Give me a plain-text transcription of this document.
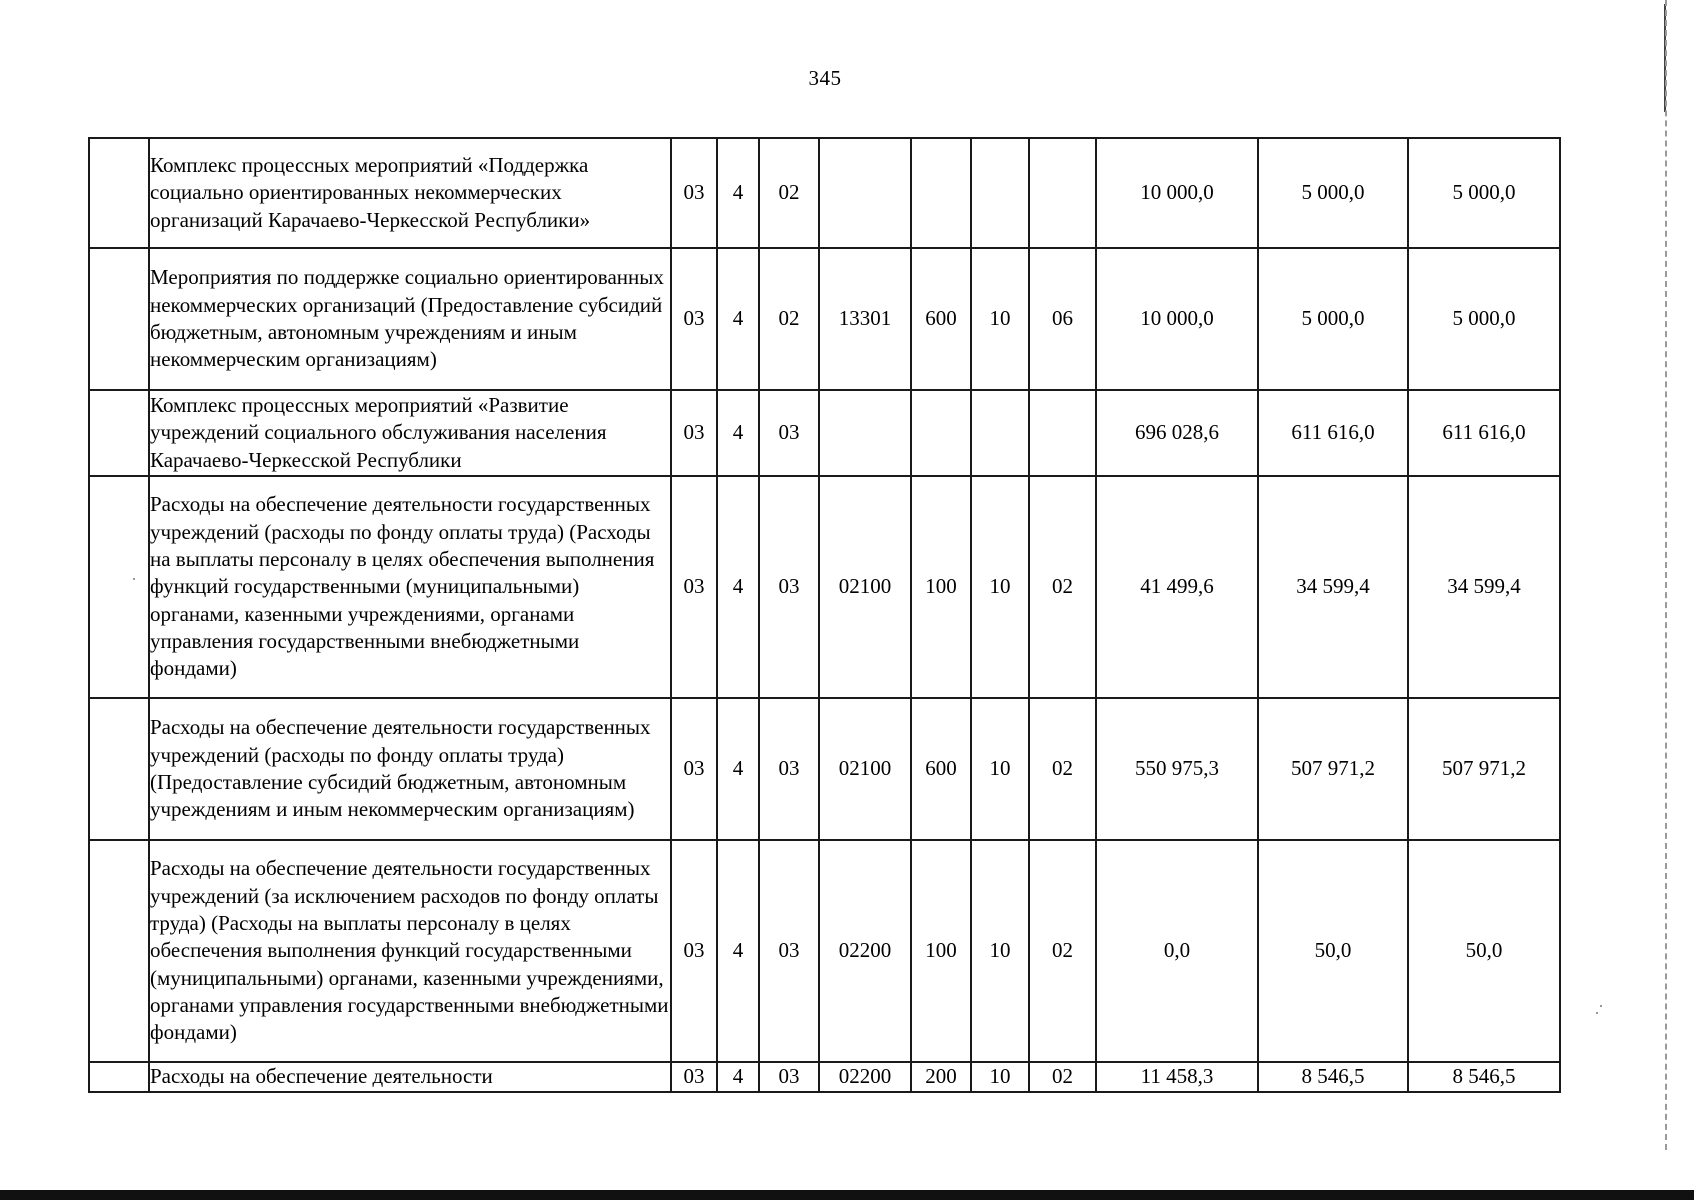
345
	Комплекс процессных мероприятий «Поддержка социально ориентированных некоммерческих организаций Карачаево-Черкесской Республики»	03	4	02					10 000,0	5 000,0	5 000,0
	Мероприятия по поддержке социально ориентированных некоммерческих организаций (Предоставление субсидий бюджетным, автономным учреждениям и иным некоммерческим организациям)	03	4	02	13301	600	10	06	10 000,0	5 000,0	5 000,0
	Комплекс процессных мероприятий «Развитие учреждений социального обслуживания населения Карачаево-Черкесской Республики	03	4	03					696 028,6	611 616,0	611 616,0
	Расходы на обеспечение деятельности государственных учреждений (расходы по фонду оплаты труда) (Расходы на выплаты персоналу в целях обеспечения выполнения функций государственными (муниципальными) органами, казенными учреждениями, органами управления государственными внебюджетными фондами)	03	4	03	02100	100	10	02	41 499,6	34 599,4	34 599,4
	Расходы на обеспечение деятельности государственных учреждений (расходы по фонду оплаты труда) (Предоставление субсидий бюджетным, автономным учреждениям и иным некоммерческим организациям)	03	4	03	02100	600	10	02	550 975,3	507 971,2	507 971,2
	Расходы на обеспечение деятельности государственных учреждений (за исключением расходов по фонду оплаты труда) (Расходы на выплаты персоналу в целях обеспечения выполнения функций государственными (муниципальными) органами, казенными учреждениями, органами управления государственными внебюджетными фондами)	03	4	03	02200	100	10	02	0,0	50,0	50,0
	Расходы на обеспечение деятельности	03	4	03	02200	200	10	02	11 458,3	8 546,5	8 546,5
